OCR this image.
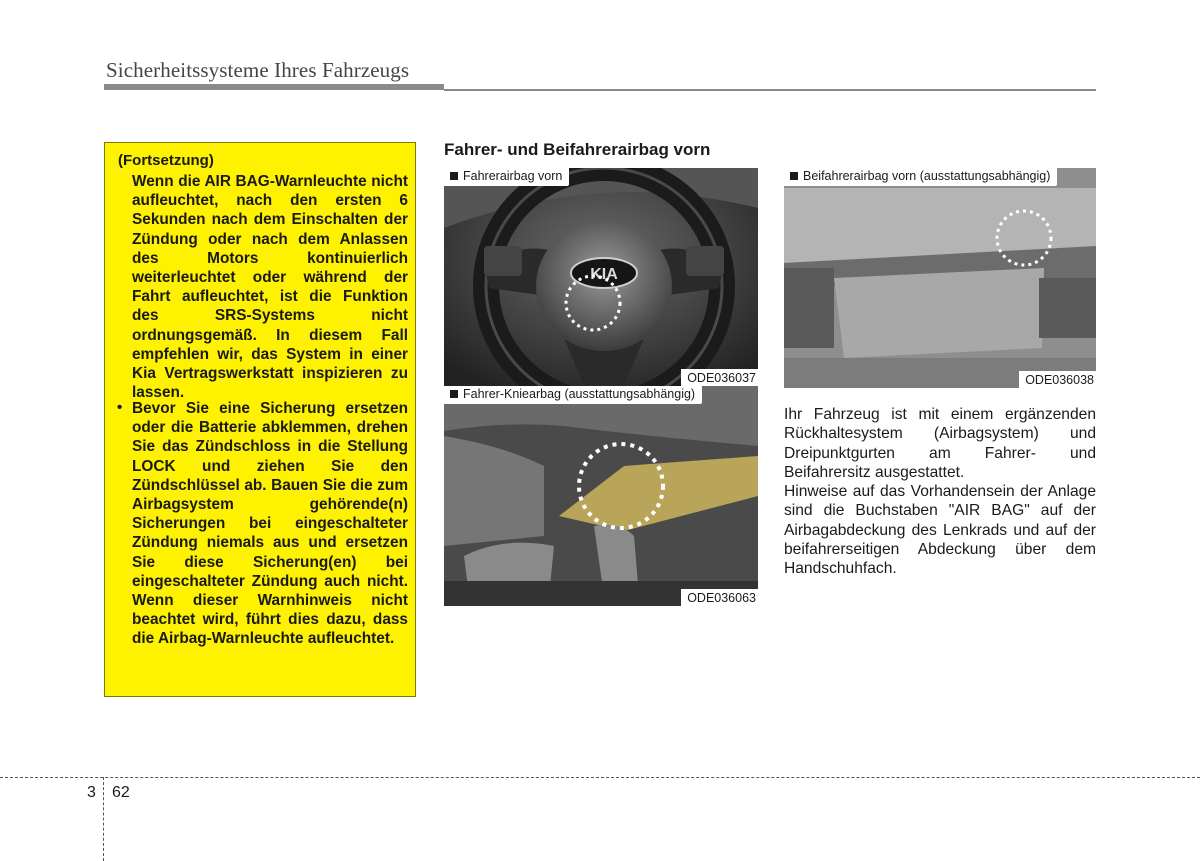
Sicherheitssysteme Ihres Fahrzeugs
(Fortsetzung)
Wenn die AIR BAG-Warnleuchte nicht aufleuchtet, nach den ersten 6 Sekunden nach dem Einschalten der Zündung oder nach dem Anlassen des Motors kontinuierlich weiterleuchtet oder während der Fahrt aufleuchtet, ist die Funktion des SRS-Systems nicht ordnungsgemäß. In diesem Fall empfehlen wir, das System in einer Kia Vertragswerkstatt inspizieren zu lassen.
• Bevor Sie eine Sicherung ersetzen oder die Batterie abklemmen, drehen Sie das Zündschloss in die Stellung LOCK und ziehen Sie den Zündschlüssel ab. Bauen Sie die zum Airbagsystem gehörende(n) Sicherungen bei eingeschalteter Zündung niemals aus und ersetzen Sie diese Sicherung(en) bei eingeschalteter Zündung auch nicht. Wenn dieser Warnhinweis nicht beachtet wird, führt dies dazu, dass die Airbag-Warnleuchte aufleuchtet.
Fahrer- und Beifahrerairbag vorn
KIA
Fahrerairbag vorn
ODE036037
Beifahrerairbag vorn (ausstattungsabhängig)
ODE036038
Fahrer-Kniearbag (ausstattungsabhängig)
ODE036063

Ihr Fahrzeug ist mit einem ergänzenden Rückhaltesystem (Airbagsystem) und Dreipunktgurten am Fahrer- und Beifahrersitz ausgestattet.

Hinweise auf das Vorhandensein der Anlage sind die Buchstaben "AIR BAG" auf der Airbagabdeckung des Lenkrads und auf der beifahrerseitigen Abdeckung über dem Handschuhfach.

3 62
